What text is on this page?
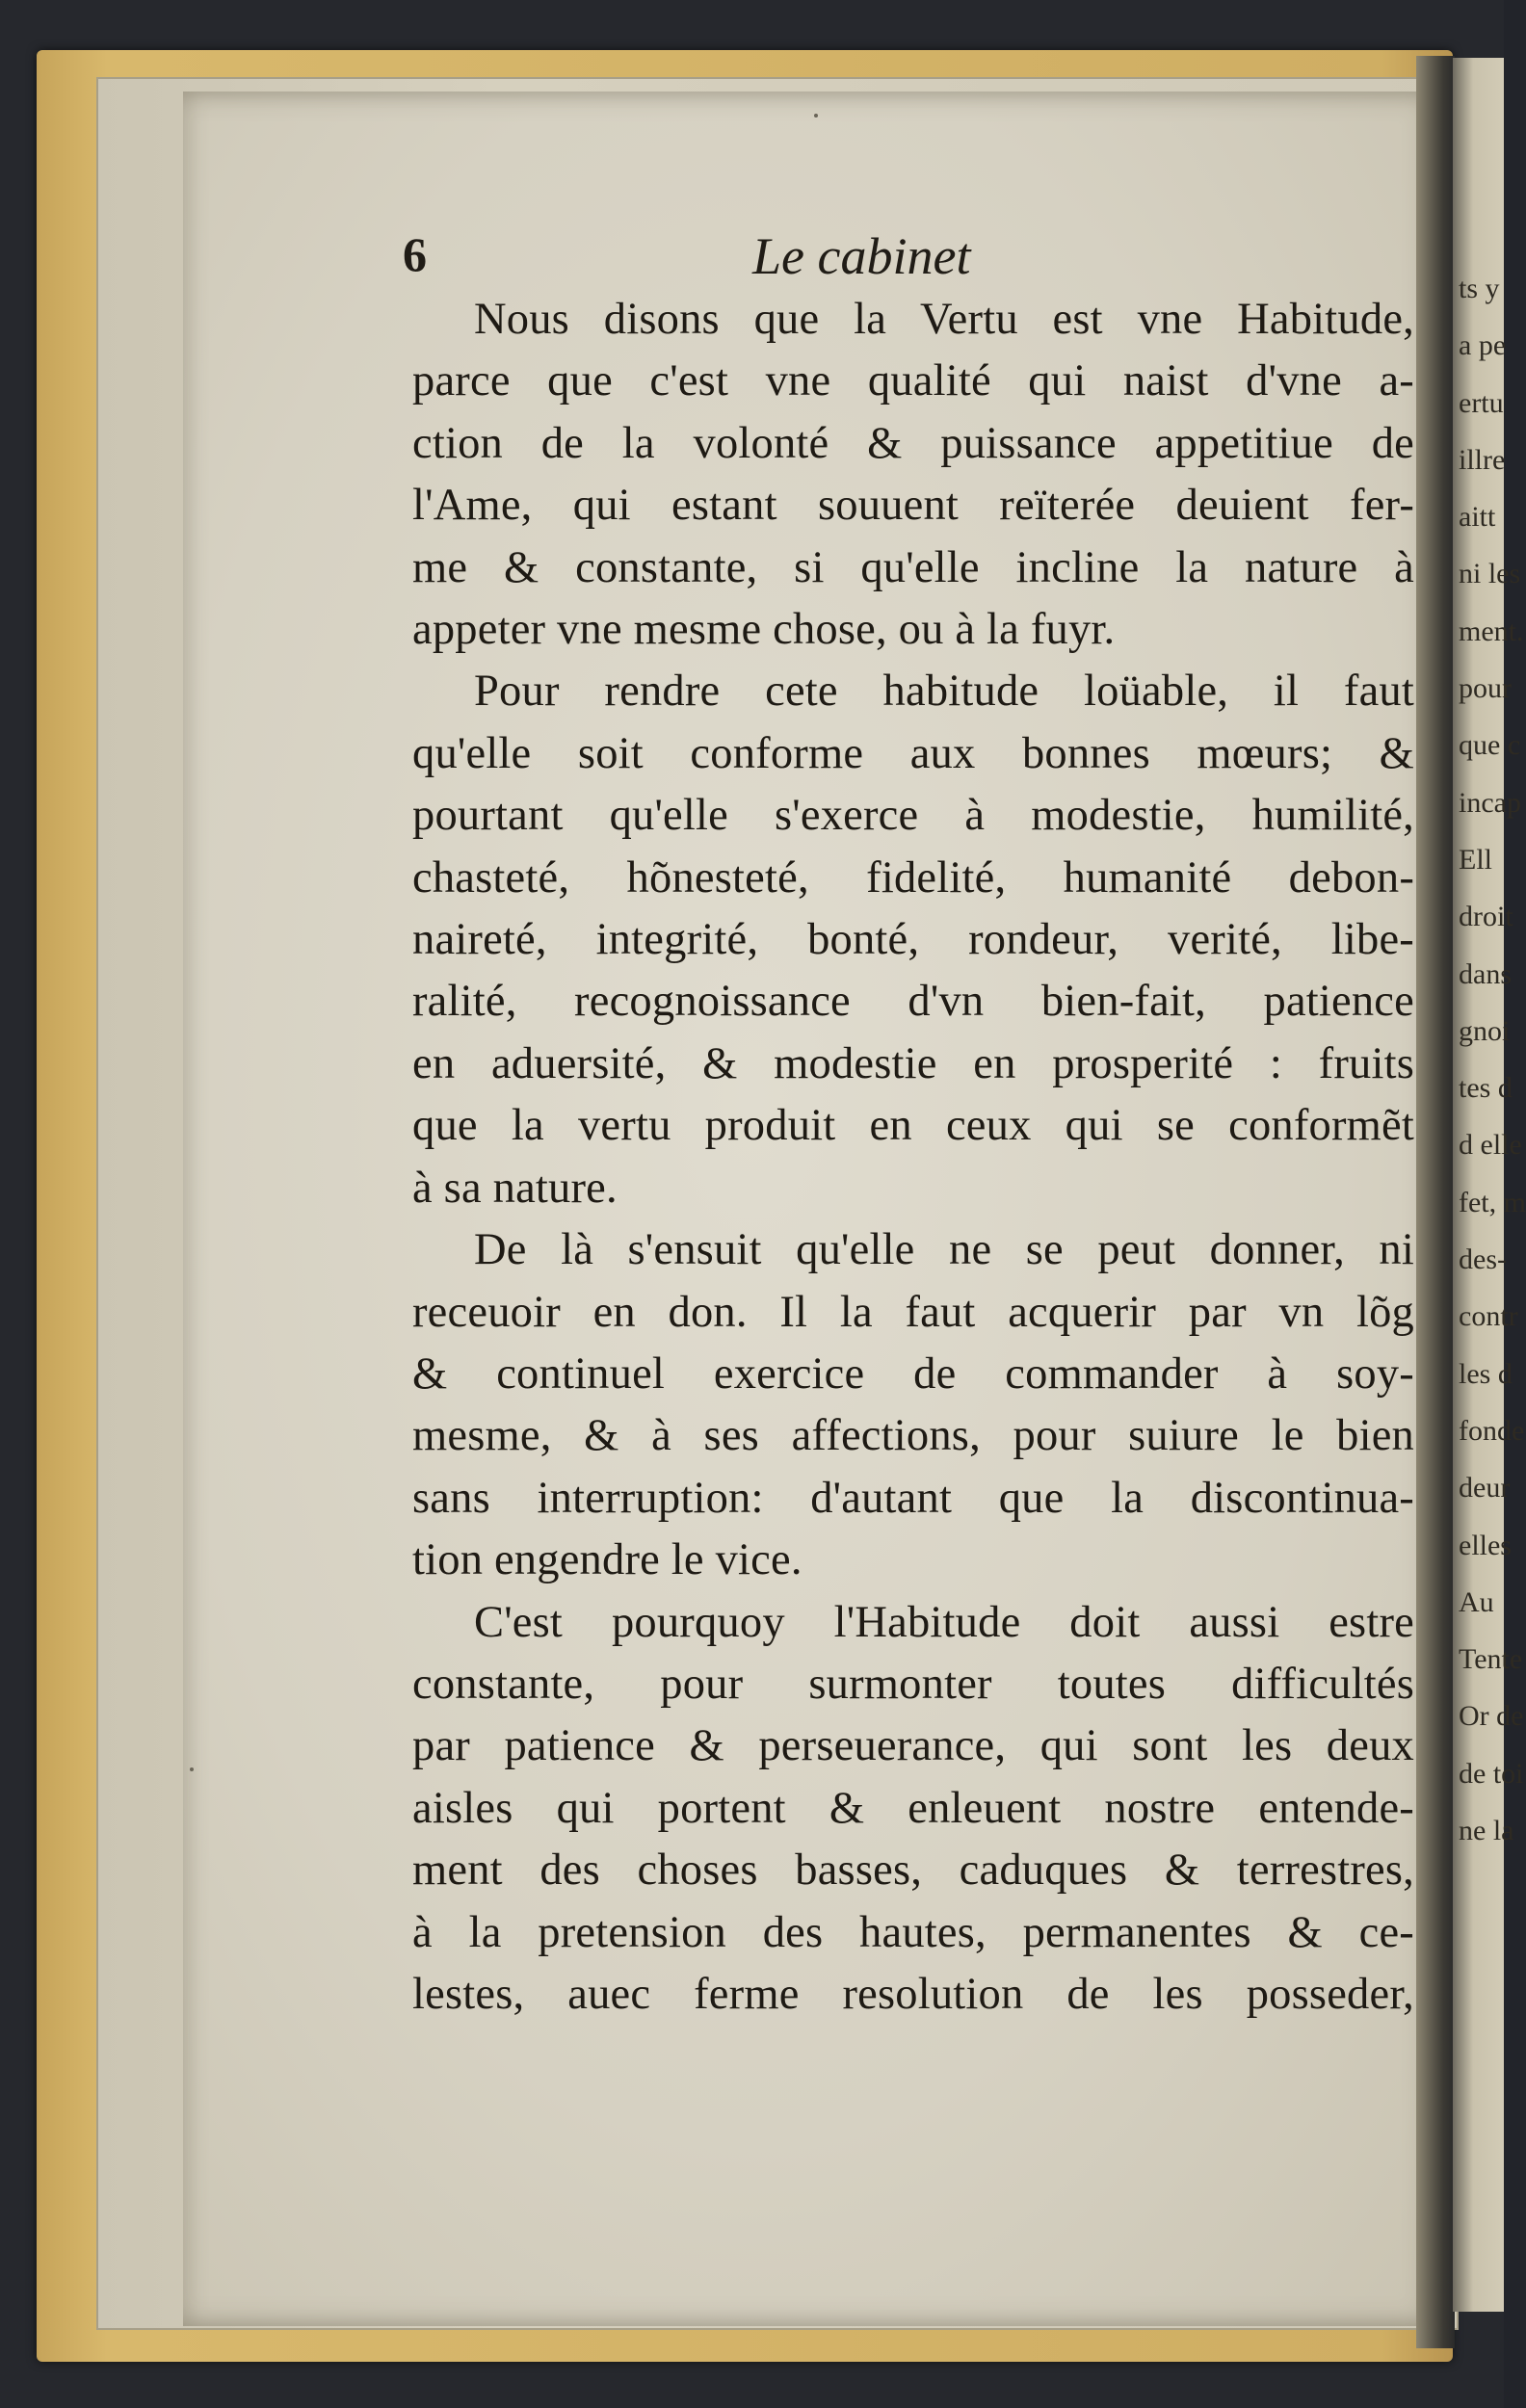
ts y
a pe
ertu
illre
aitt
ni les
ment.
pour
que c
incap
Ell
droit
dans
gnoi
tes d
d elle
fet, m
des-
contr
les d
fonde
deur
elles
Au
Tente
Or de
de toi
ne la
6	Le cabinet
Nous disons que la Vertu est vne Habitude,
parce que c'est vne qualité qui naist d'vne a-
ction de la volonté & puissance appetitiue de
l'Ame, qui estant souuent reïterée deuient fer-
me & constante, si qu'elle incline la nature à
appeter vne mesme chose, ou à la fuyr.
Pour rendre cete habitude loüable, il faut
qu'elle soit conforme aux bonnes mœurs; &
pourtant qu'elle s'exerce à modestie, humilité,
chasteté, hõnesteté, fidelité, humanité debon-
naireté, integrité, bonté, rondeur, verité, libe-
ralité, recognoissance d'vn bien-fait, patience
en aduersité, & modestie en prosperité : fruits
que la vertu produit en ceux qui se conformẽt
à sa nature.
De là s'ensuit qu'elle ne se peut donner, ni
receuoir en don. Il la faut acquerir par vn lõg
& continuel exercice de commander à soy-
mesme, & à ses affections, pour suiure le bien
sans interruption: d'autant que la discontinua-
tion engendre le vice.
C'est pourquoy l'Habitude doit aussi estre
constante, pour surmonter toutes difficultés
par patience & perseuerance, qui sont les deux
aisles qui portent & enleuent nostre entende-
ment des choses basses, caduques & terrestres,
à la pretension des hautes, permanentes & ce-
lestes, auec ferme resolution de les posseder,
